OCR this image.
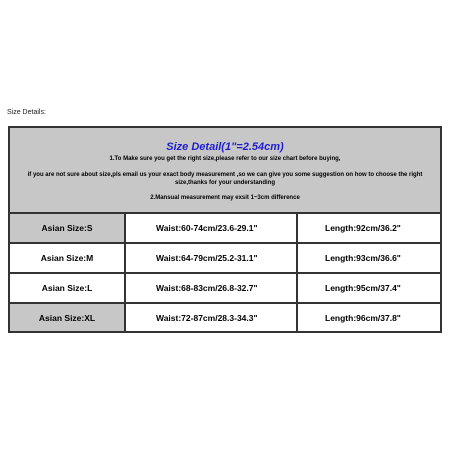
Size Details:
Size Detail(1"=2.54cm)
1.To Make sure you get the right size,please refer to our size chart before buying,
if you are not sure about size,pls email us your exact body measurement ,so we can give you some suggestion on how to choose the right size,thanks for your understanding
2.Mansual measurement may exsit 1~3cm difference
Asian Size:S	Waist:60-74cm/23.6-29.1"	Length:92cm/36.2"
Asian Size:M	Waist:64-79cm/25.2-31.1"	Length:93cm/36.6"
Asian Size:L	Waist:68-83cm/26.8-32.7"	Length:95cm/37.4"
Asian Size:XL	Waist:72-87cm/28.3-34.3"	Length:96cm/37.8"
